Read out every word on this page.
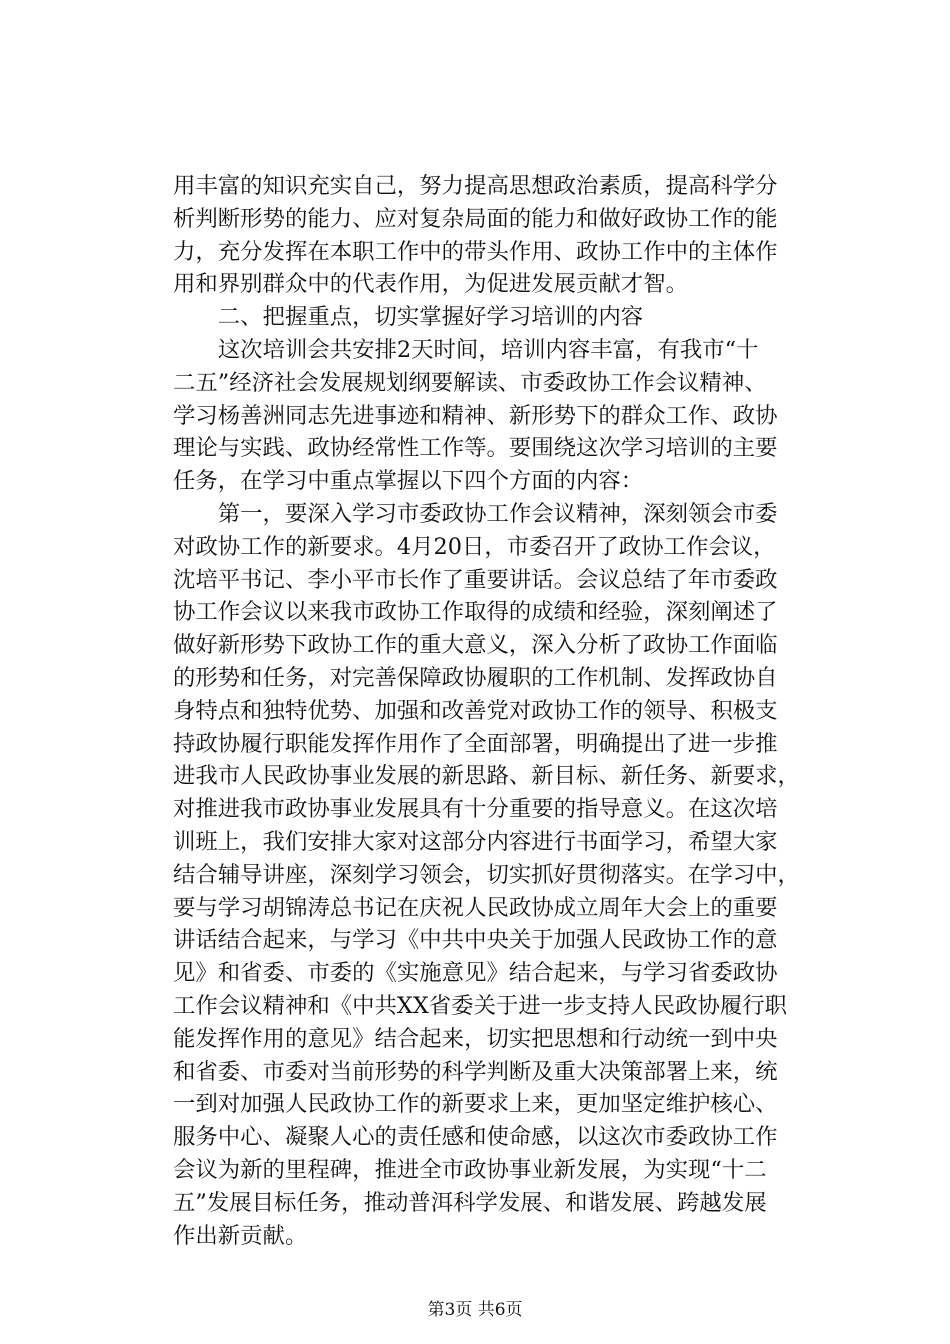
用丰富的知识充实自己，努力提高思想政治素质，提高科学分
析判断形势的能力、应对复杂局面的能力和做好政协工作的能
力，充分发挥在本职工作中的带头作用、政协工作中的主体作
用和界别群众中的代表作用，为促进发展贡献才智。
　　二、把握重点，切实掌握好学习培训的内容
　　这次培训会共安排2天时间，培训内容丰富，有我市“十
二五”经济社会发展规划纲要解读、市委政协工作会议精神、
学习杨善洲同志先进事迹和精神、新形势下的群众工作、政协
理论与实践、政协经常性工作等。要围绕这次学习培训的主要
任务，在学习中重点掌握以下四个方面的内容：
　　第一，要深入学习市委政协工作会议精神，深刻领会市委
对政协工作的新要求。4月20日，市委召开了政协工作会议，
沈培平书记、李小平市长作了重要讲话。会议总结了年市委政
协工作会议以来我市政协工作取得的成绩和经验，深刻阐述了
做好新形势下政协工作的重大意义，深入分析了政协工作面临
的形势和任务，对完善保障政协履职的工作机制、发挥政协自
身特点和独特优势、加强和改善党对政协工作的领导、积极支
持政协履行职能发挥作用作了全面部署，明确提出了进一步推
进我市人民政协事业发展的新思路、新目标、新任务、新要求，
对推进我市政协事业发展具有十分重要的指导意义。在这次培
训班上，我们安排大家对这部分内容进行书面学习，希望大家
结合辅导讲座，深刻学习领会，切实抓好贯彻落实。在学习中，
要与学习胡锦涛总书记在庆祝人民政协成立周年大会上的重要
讲话结合起来，与学习《中共中央关于加强人民政协工作的意
见》和省委、市委的《实施意见》结合起来，与学习省委政协
工作会议精神和《中共XX省委关于进一步支持人民政协履行职
能发挥作用的意见》结合起来，切实把思想和行动统一到中央
和省委、市委对当前形势的科学判断及重大决策部署上来，统
一到对加强人民政协工作的新要求上来，更加坚定维护核心、
服务中心、凝聚人心的责任感和使命感，以这次市委政协工作
会议为新的里程碑，推进全市政协事业新发展，为实现“十二
五”发展目标任务，推动普洱科学发展、和谐发展、跨越发展
作出新贡献。
第3页 共6页
